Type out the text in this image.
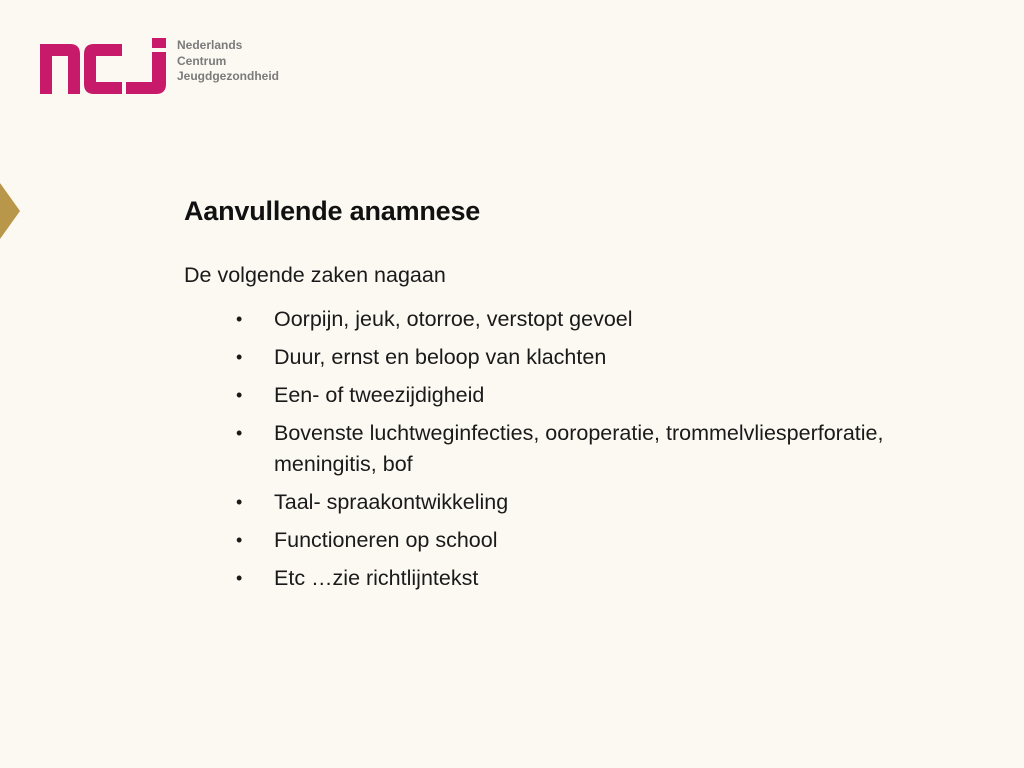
Nederlands
Centrum
Jeugdgezondheid
Aanvullende anamnese

De volgende zaken nagaan

• Oorpijn, jeuk, otorroe, verstopt gevoel
• Duur, ernst en beloop van klachten
• Een- of tweezijdigheid
• Bovenste luchtweginfecties, ooroperatie, trommelvliesperforatie, meningitis, bof
• Taal- spraakontwikkeling
• Functioneren op school
• Etc …zie richtlijntekst
